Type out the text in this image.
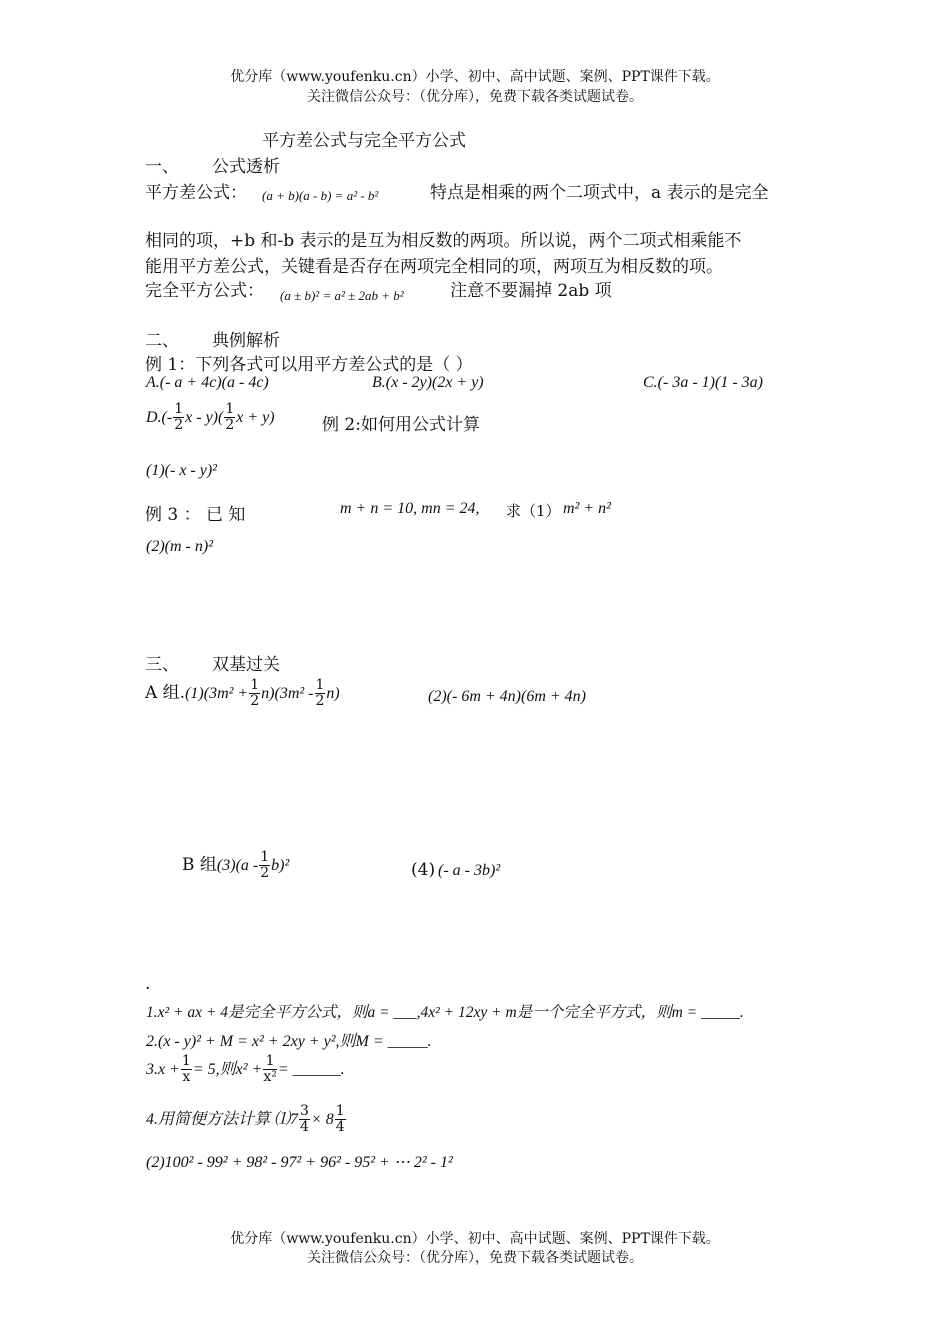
优分库（www.youfenku.cn）小学、初中、高中试题、案例、PPT课件下载。
关注微信公众号：（优分库），免费下载各类试题试卷。
平方差公式与完全平方公式
一、 公式透析
平方差公式： (a + b)(a - b) = a² - b²	特点是相乘的两个二项式中，a 表示的是完全
相同的项，+b 和-b 表示的是互为相反数的两项。所以说，两个二项式相乘能不
能用平方差公式，关键看是否存在两项完全相同的项，两项互为相反数的项。
完全平方公式： (a ± b)² = a² ± 2ab + b²	注意不要漏掉 2ab 项
二、 典例解析
例 1：下列各式可以用平方差公式的是（ ）
A.(- a + 4c)(a - 4c)	B.(x - 2y)(2x + y)	C.(- 3a - 1)(1 - 3a)
$D.(- \frac{1}{2}$ x - $y)( \frac{1}{2}$ x + y)	例 2:如何用公式计算
(1)(- x - y)²
例 3 ： 已 知	m + n = 10, mn = 24, 求（1） m² + n²
(2)(m - n)²
三、 双基过关
A 组$.(1)(3m^2 + \frac{1}{2} n)(3m^2 - \frac{1}{2} n)$	(2)(- 6m + 4n)(6m + 4n)
B 组$(3)(a - \frac{1}{2} b)^2$	(4) (- a - 3b)²
.
1.x² + ax + 4是完全平方公式，则a = ___,4x² + 12xy + m是一个完全平方式，则m = _____.
2.(x - y)² + M = x² + 2xy + y²,则M = _____.
$3.x + \frac{1}{x} = 5$,则$x^2 + \frac{1}{\text{x²}}$ = ______.
4.用简便方法计算 ⑴7 $\frac{3}{4} \times 8 \frac{1}{4}$
(2)100² - 99² + 98² - 97² + 96² - 95² + ⋯ 2² - 1²
优分库（www.youfenku.cn）小学、初中、高中试题、案例、PPT课件下载。
关注微信公众号：（优分库），免费下载各类试题试卷。
